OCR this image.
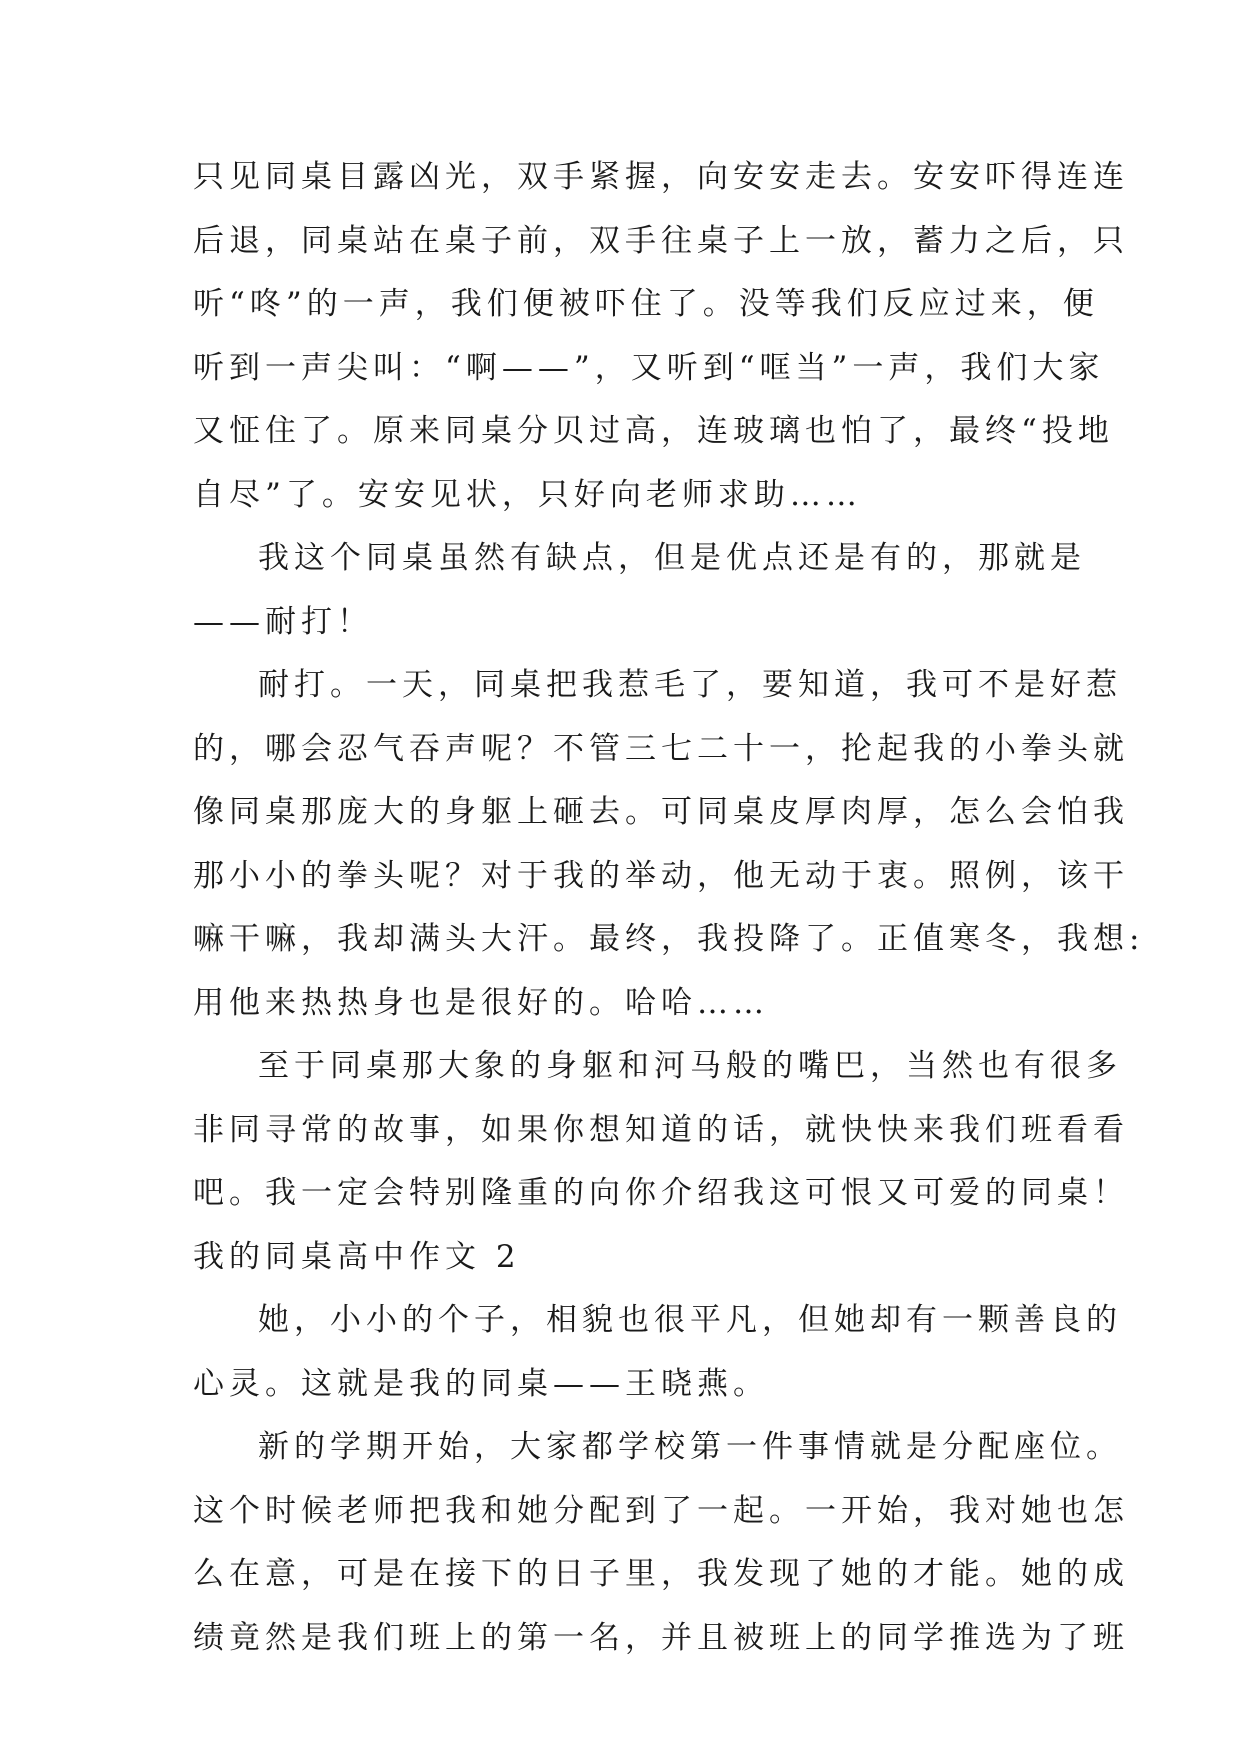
只见同桌目露凶光，双手紧握，向安安走去。安安吓得连连
后退，同桌站在桌子前，双手往桌子上一放，蓄力之后，只
听“咚”的一声，我们便被吓住了。没等我们反应过来，便
听到一声尖叫：“啊——”，又听到“哐当”一声，我们大家
又怔住了。原来同桌分贝过高，连玻璃也怕了，最终“投地
自尽”了。安安见状，只好向老师求助……
我这个同桌虽然有缺点，但是优点还是有的，那就是
——耐打！
耐打。一天，同桌把我惹毛了，要知道，我可不是好惹
的，哪会忍气吞声呢？不管三七二十一，抡起我的小拳头就
像同桌那庞大的身躯上砸去。可同桌皮厚肉厚，怎么会怕我
那小小的拳头呢？对于我的举动，他无动于衷。照例，该干
嘛干嘛，我却满头大汗。最终，我投降了。正值寒冬，我想:
用他来热热身也是很好的。哈哈……
至于同桌那大象的身躯和河马般的嘴巴，当然也有很多
非同寻常的故事，如果你想知道的话，就快快来我们班看看
吧。我一定会特别隆重的向你介绍我这可恨又可爱的同桌！
我的同桌高中作文 2
她，小小的个子，相貌也很平凡，但她却有一颗善良的
心灵。这就是我的同桌——王晓燕。
新的学期开始，大家都学校第一件事情就是分配座位。
这个时候老师把我和她分配到了一起。一开始，我对她也怎
么在意，可是在接下的日子里，我发现了她的才能。她的成
绩竟然是我们班上的第一名，并且被班上的同学推选为了班
